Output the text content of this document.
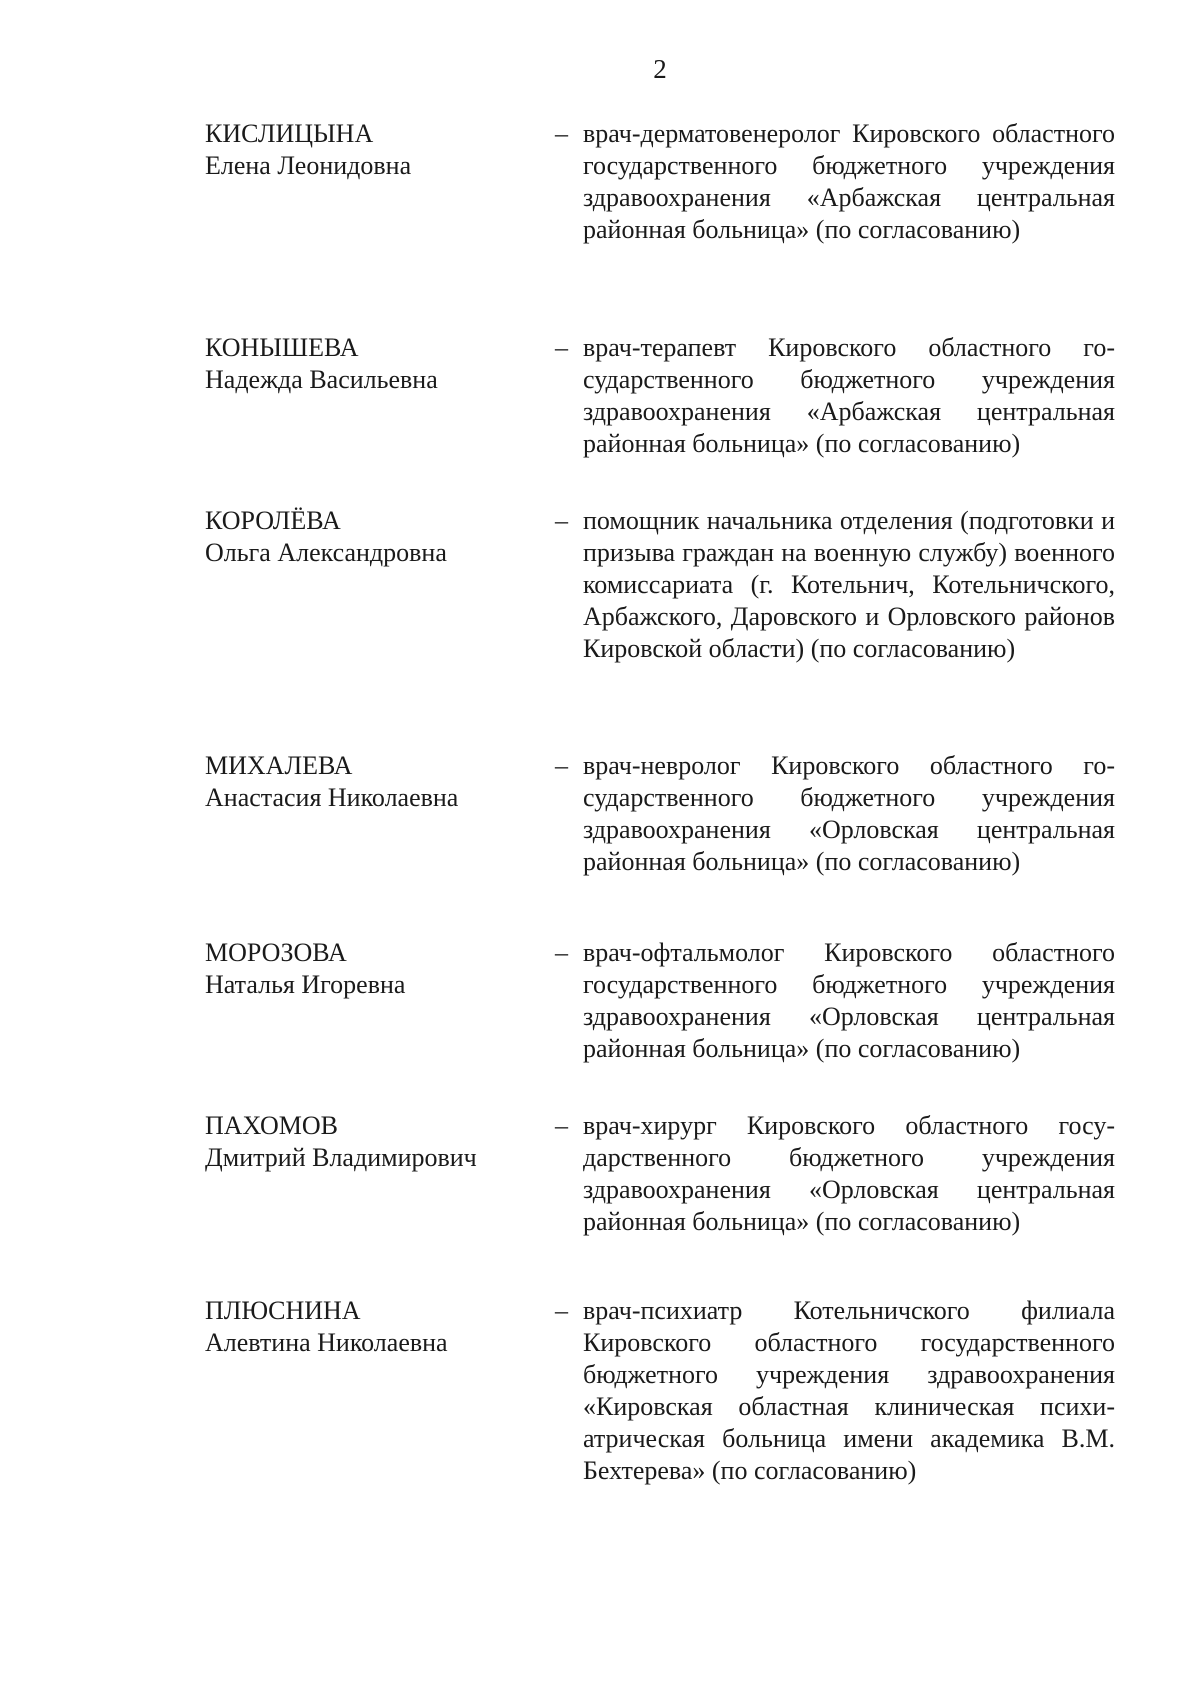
2
КИСЛИЦЫНА
Елена Леонидовна
– врач-дерматовенеролог Кировского областного государственного бюджетного учреждения здравоохранения «Арбажская центральная районная больница» (по согласованию)
КОНЫШЕВА
Надежда Васильевна
– врач-терапевт Кировского областного государственного бюджетного учреждения здравоохранения «Арбажская центральная районная больница» (по согласованию)
КОРОЛЁВА
Ольга Александровна
– помощник начальника отделения (подготовки и призыва граждан на военную службу) военного комиссариата (г. Котельнич, Котельничского, Арбажского, Даровского и Орловского районов Кировской области) (по согласованию)
МИХАЛЕВА
Анастасия Николаевна
– врач-невролог Кировского областного государственного бюджетного учреждения здравоохранения «Орловская центральная районная больница» (по согласованию)
МОРОЗОВА
Наталья Игоревна
– врач-офтальмолог Кировского областного государственного бюджетного учреждения здравоохранения «Орловская центральная районная больница» (по согласованию)
ПАХОМОВ
Дмитрий Владимирович
– врач-хирург Кировского областного государственного бюджетного учреждения здравоохранения «Орловская центральная районная больница» (по согласованию)
ПЛЮСНИНА
Алевтина Николаевна
– врач-психиатр Котельничского филиала Кировского областного государственного бюджетного учреждения здравоохранения «Кировская областная клиническая психиатрическая больница имени академика В.М. Бехтерева» (по согласованию)
